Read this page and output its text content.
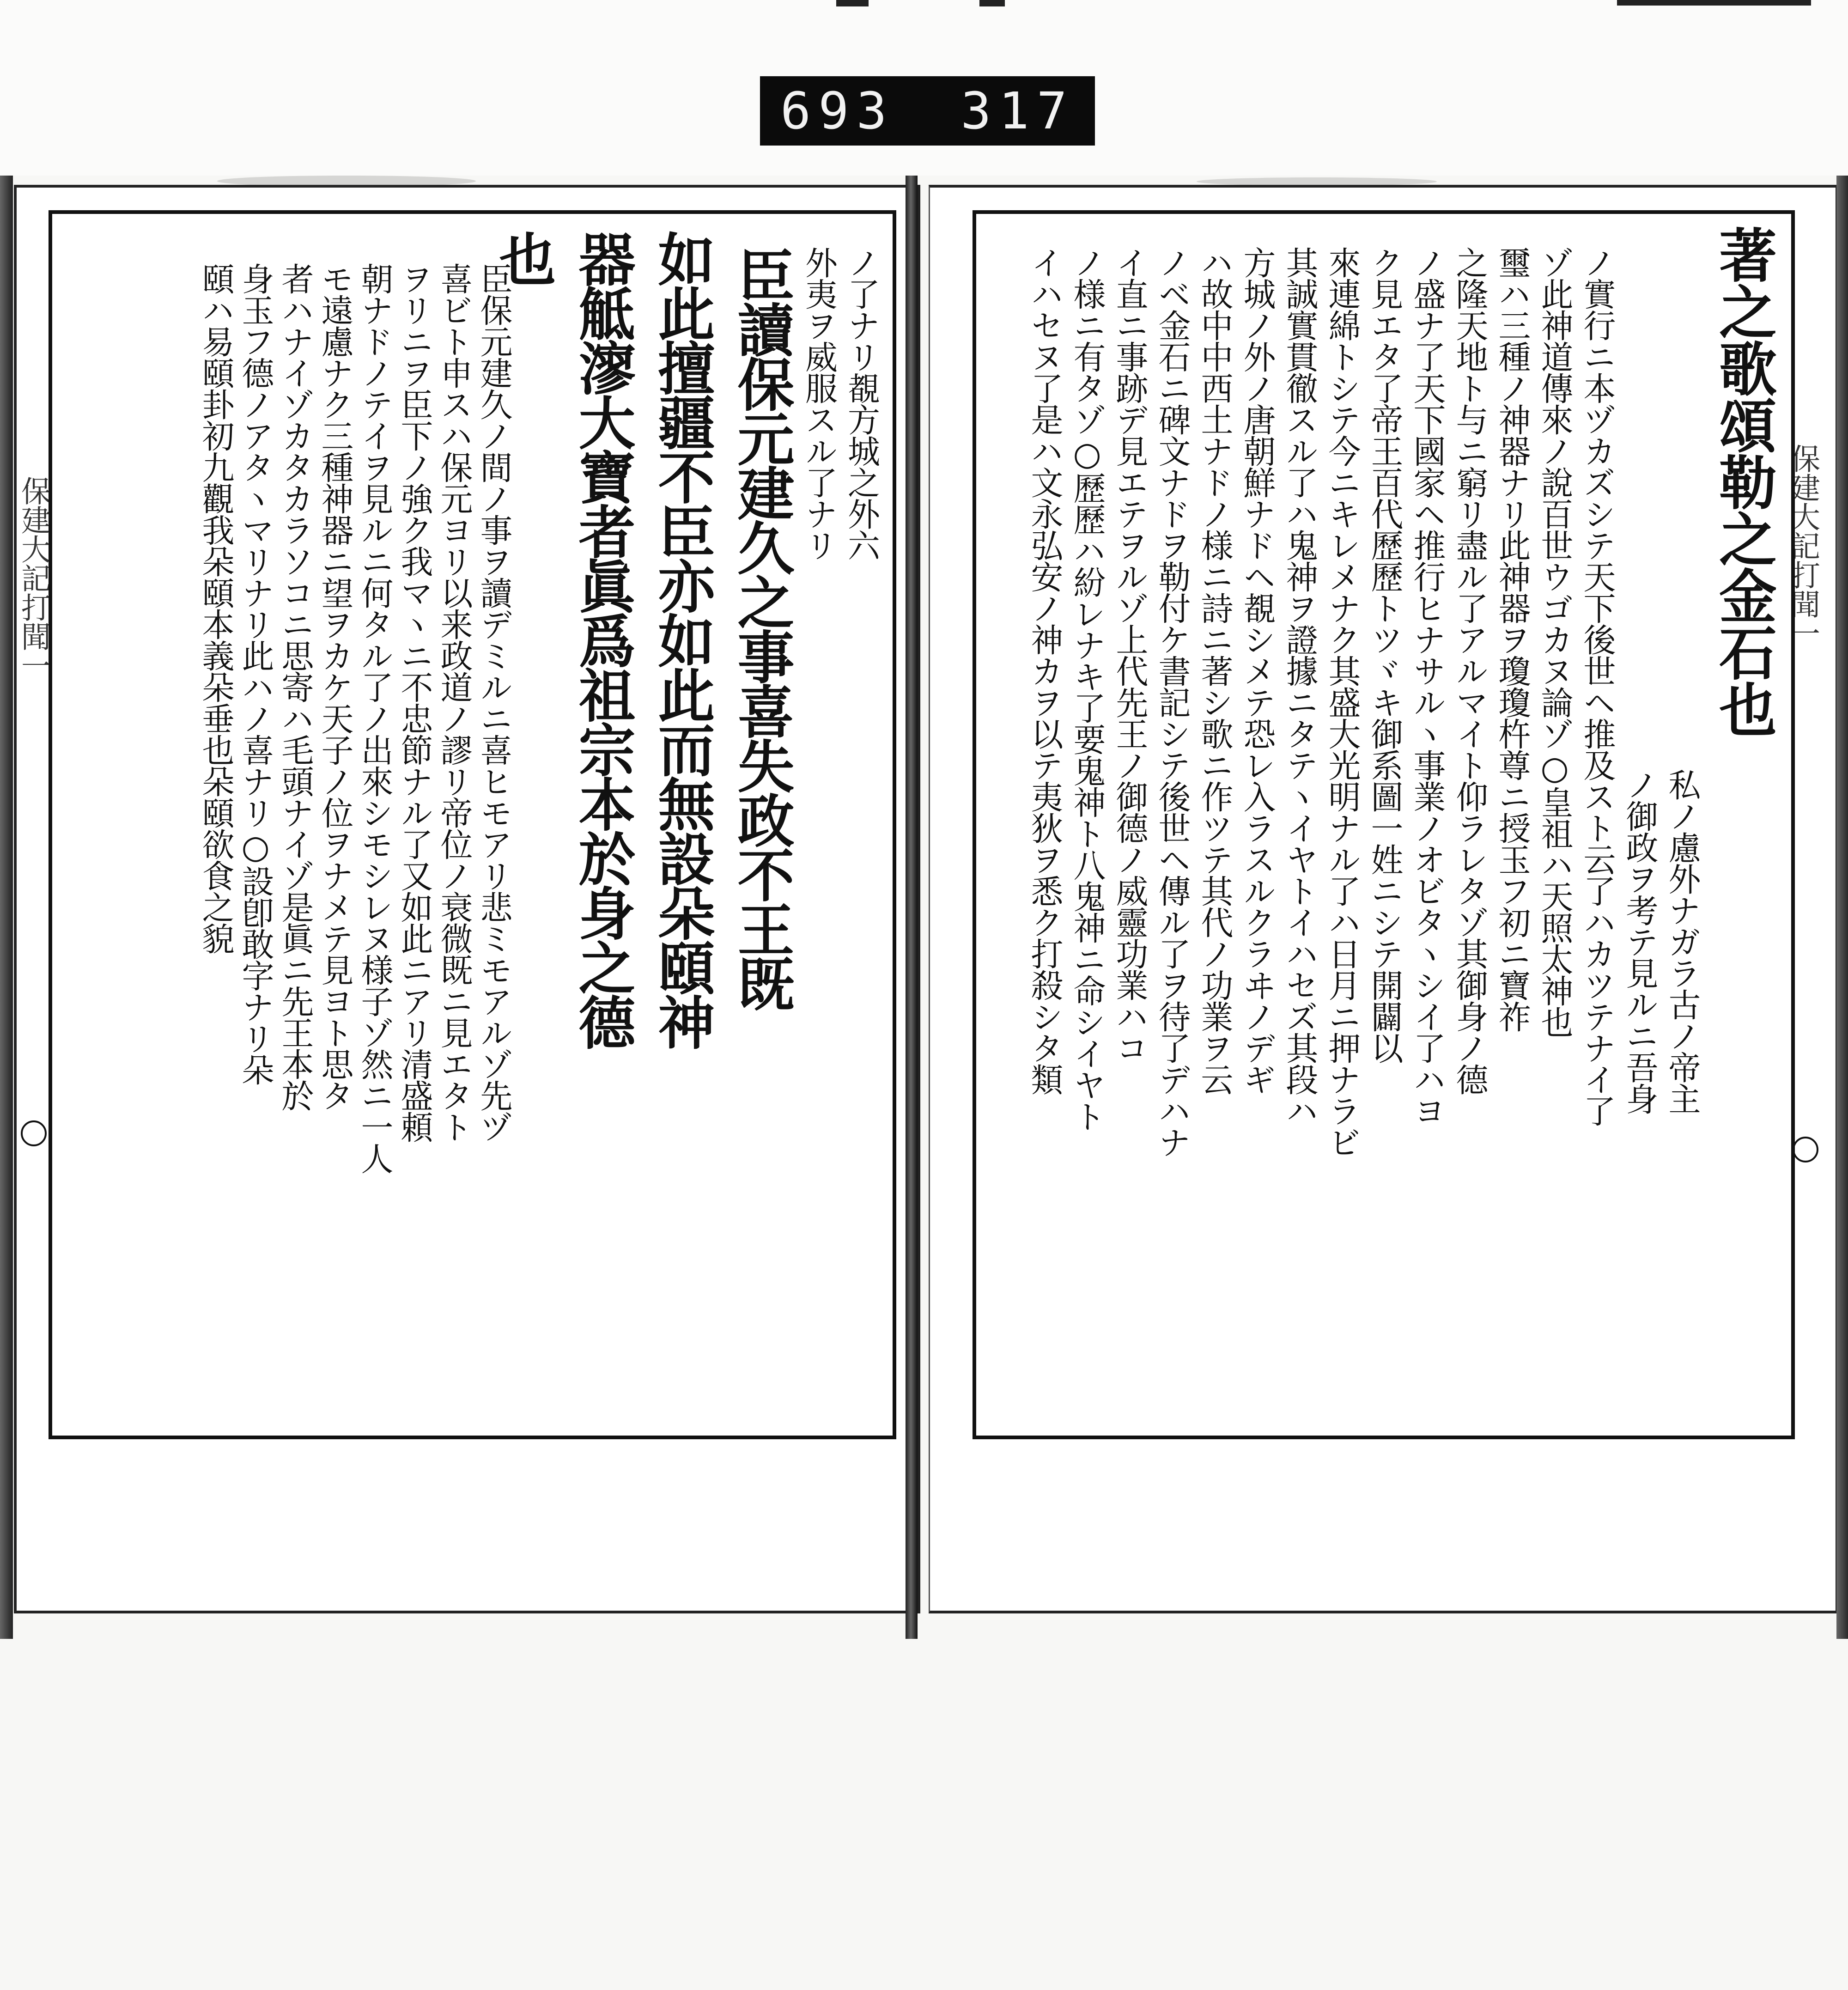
693 317
保建大記打聞一
ノ了ナリ覩方城之外六
外夷ヲ威服スル了ナリ
臣讀保元建久之事喜失政不王既
如此擅疆不臣亦如此而無設朵頤神
器觝㵳大寶者眞爲祖宗本於身之德
也
臣保元建久ノ間ノ事ヲ讀デミルニ喜ヒモアリ悲ミモアルゾ先ヅ
喜ビト申スハ保元ヨリ以来政道ノ謬リ帝位ノ衰微既ニ見エタト
ヲリニヲ臣下ノ強ク我マヽニ不忠節ナル了又如此ニアリ清盛頼
朝ナドノテイヲ見ルニ何タル了ノ出來シモシレヌ様子ゾ然ニ一人
モ遠慮ナク三種神器ニ望ヲカケ天子ノ位ヲナメテ見ヨト思タ
者ハナイゾカタカラソコニ思寄ハ毛頭ナイゾ是眞ニ先王本於
身玉フ德ノアタヽマリナリ此ハノ喜ナリ○設卽敢字ナリ朵
頤ハ易頤卦初九觀我朵頤本義朵垂也朵頤欲食之貌	保建大記打聞一
著之歌頌勒之金石也
私ノ慮外ナガラ古ノ帝主
ノ御政ヲ考テ見ルニ吾身
ノ實行ニ本ヅカズシテ天下後世ヘ推及スト云了ハカツテナイ了
ゾ此神道傳來ノ說百世ウゴカヌ論ゾ○皇祖ハ天照太神也
璽ハ三種ノ神器ナリ此神器ヲ瓊瓊杵尊ニ授玉フ初ニ寶祚
之隆天地ト与ニ窮リ盡ル了アルマイト仰ラレタゾ其御身ノ德
ノ盛ナ了天下國家ヘ推行ヒナサルヽ事業ノオビタヽシイ了ハヨ
ク見エタ了帝王百代歷歷トツヾキ御系圖一姓ニシテ開闢以
來連綿トシテ今ニキレメナク其盛大光明ナル了ハ日月ニ押ナラビ
其誠實貫徹スル了ハ鬼神ヲ證據ニタテヽイヤトイハセズ其段ハ
方城ノ外ノ唐朝鮮ナドヘ覩シメテ恐レ入ラスルクラヰノデギ
ハ故中中西土ナドノ様ニ詩ニ著シ歌ニ作ツテ其代ノ功業ヲ云
ノベ金石ニ碑文ナドヲ勒付ケ書記シテ後世ヘ傳ル了ヲ待了デハナ
イ直ニ事跡デ見エテヲルゾ上代先王ノ御德ノ威靈功業ハコ
ノ様ニ有タゾ○歷歷ハ紛レナキ了要鬼神ト八鬼神ニ命シイヤト
イハセヌ了是ハ文永弘安ノ神カヲ以テ夷狄ヲ悉ク打殺シタ類
